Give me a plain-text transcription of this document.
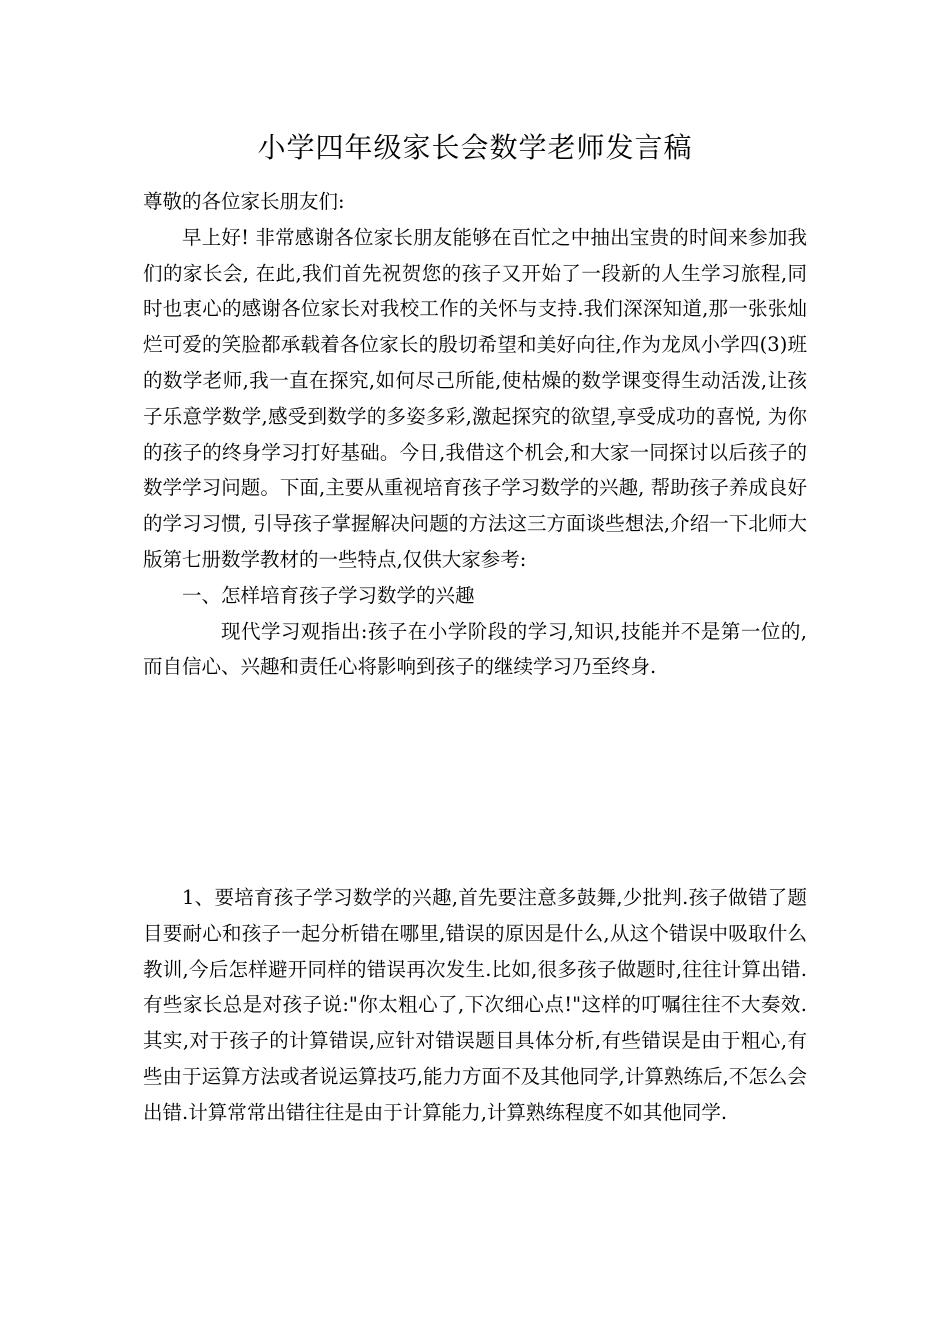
小学四年级家长会数学老师发言稿

尊敬的各位家长朋友们:

早上好! 非常感谢各位家长朋友能够在百忙之中抽出宝贵的时间来参加我们的家长会, 在此,我们首先祝贺您的孩子又开始了一段新的人生学习旅程,同时也衷心的感谢各位家长对我校工作的关怀与支持.我们深深知道,那一张张灿烂可爱的笑脸都承载着各位家长的殷切希望和美好向往,作为龙凤小学四(3)班的数学老师,我一直在探究,如何尽己所能,使枯燥的数学课变得生动活泼,让孩子乐意学数学,感受到数学的多姿多彩,激起探究的欲望,享受成功的喜悦, 为你的孩子的终身学习打好基础。今日,我借这个机会,和大家一同探讨以后孩子的数学学习问题。下面,主要从重视培育孩子学习数学的兴趣, 帮助孩子养成良好的学习习惯, 引导孩子掌握解决问题的方法这三方面谈些想法,介绍一下北师大版第七册数学教材的一些特点,仅供大家参考:

一、怎样培育孩子学习数学的兴趣

现代学习观指出:孩子在小学阶段的学习,知识,技能并不是第一位的,而自信心、兴趣和责任心将影响到孩子的继续学习乃至终身.

1、要培育孩子学习数学的兴趣,首先要注意多鼓舞,少批判.孩子做错了题目要耐心和孩子一起分析错在哪里,错误的原因是什么,从这个错误中吸取什么教训,今后怎样避开同样的错误再次发生.比如,很多孩子做题时,往往计算出错.有些家长总是对孩子说:"你太粗心了,下次细心点!"这样的叮嘱往往不大奏效.其实,对于孩子的计算错误,应针对错误题目具体分析,有些错误是由于粗心,有些由于运算方法或者说运算技巧,能力方面不及其他同学,计算熟练后,不怎么会出错.计算常常出错往往是由于计算能力,计算熟练程度不如其他同学.
